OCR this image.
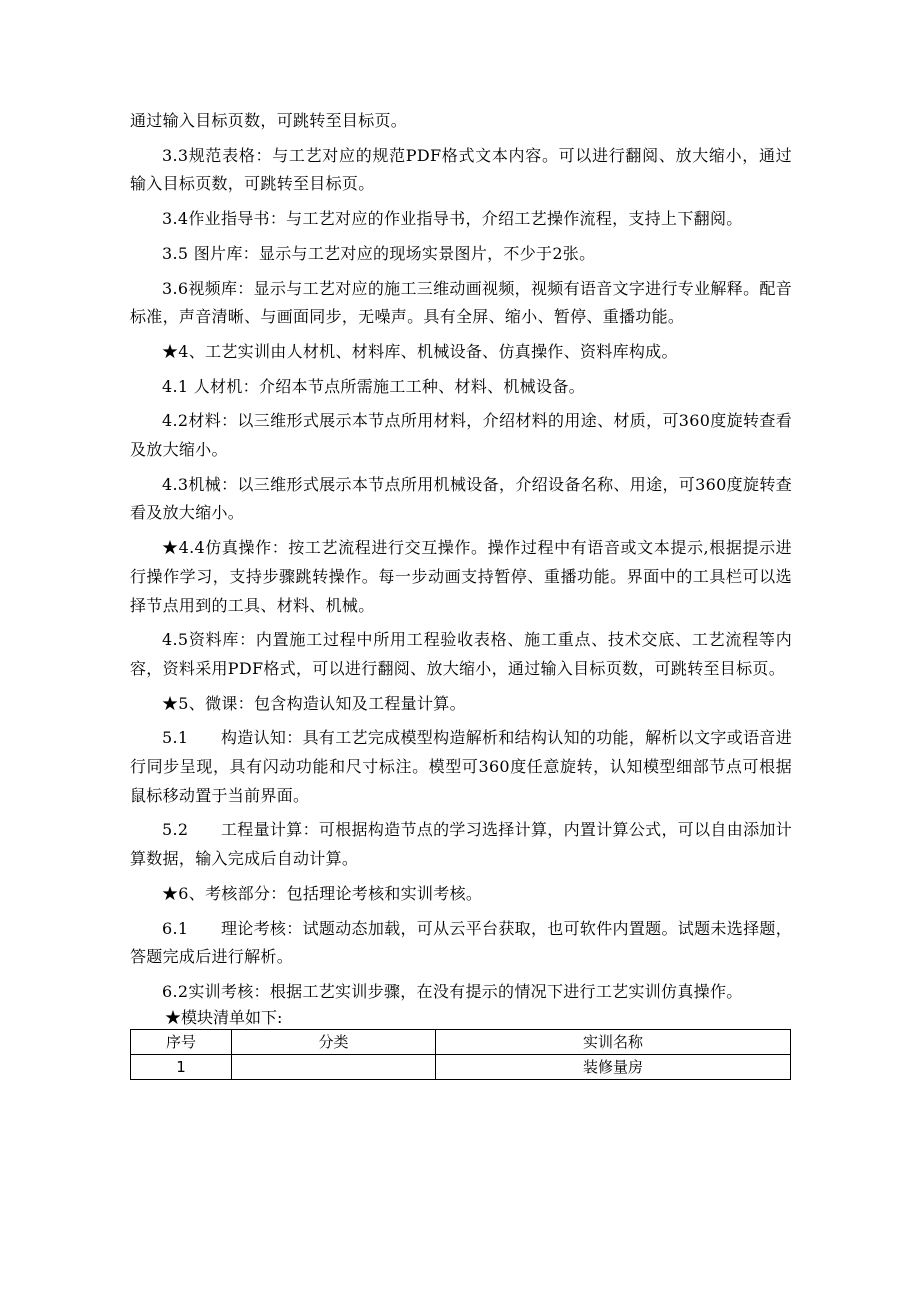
通过输入目标页数，可跳转至目标页。

3.3规范表格：与工艺对应的规范PDF格式文本内容。可以进行翻阅、放大缩小，通过输入目标页数，可跳转至目标页。

3.4作业指导书：与工艺对应的作业指导书，介绍工艺操作流程，支持上下翻阅。

3.5 图片库：显示与工艺对应的现场实景图片，不少于2张。

3.6视频库：显示与工艺对应的施工三维动画视频，视频有语音文字进行专业解释。配音标准，声音清晰、与画面同步，无噪声。具有全屏、缩小、暂停、重播功能。

★4、工艺实训由人材机、材料库、机械设备、仿真操作、资料库构成。

4.1 人材机：介绍本节点所需施工工种、材料、机械设备。

4.2材料：以三维形式展示本节点所用材料，介绍材料的用途、材质，可360度旋转查看及放大缩小。

4.3机械：以三维形式展示本节点所用机械设备，介绍设备名称、用途，可360度旋转查看及放大缩小。

★4.4仿真操作：按工艺流程进行交互操作。操作过程中有语音或文本提示,根据提示进行操作学习，支持步骤跳转操作。每一步动画支持暂停、重播功能。界面中的工具栏可以选择节点用到的工具、材料、机械。

4.5资料库：内置施工过程中所用工程验收表格、施工重点、技术交底、工艺流程等内容，资料采用PDF格式，可以进行翻阅、放大缩小，通过输入目标页数，可跳转至目标页。

★5、微课：包含构造认知及工程量计算。

5.1　　构造认知：具有工艺完成模型构造解析和结构认知的功能，解析以文字或语音进行同步呈现，具有闪动功能和尺寸标注。模型可360度任意旋转，认知模型细部节点可根据鼠标移动置于当前界面。

5.2　　工程量计算：可根据构造节点的学习选择计算，内置计算公式，可以自由添加计算数据，输入完成后自动计算。

★6、考核部分：包括理论考核和实训考核。

6.1　　理论考核：试题动态加载，可从云平台获取，也可软件内置题。试题未选择题，答题完成后进行解析。

6.2实训考核：根据工艺实训步骤，在没有提示的情况下进行工艺实训仿真操作。

★模块清单如下:

序号	分类	实训名称
1		装修量房
